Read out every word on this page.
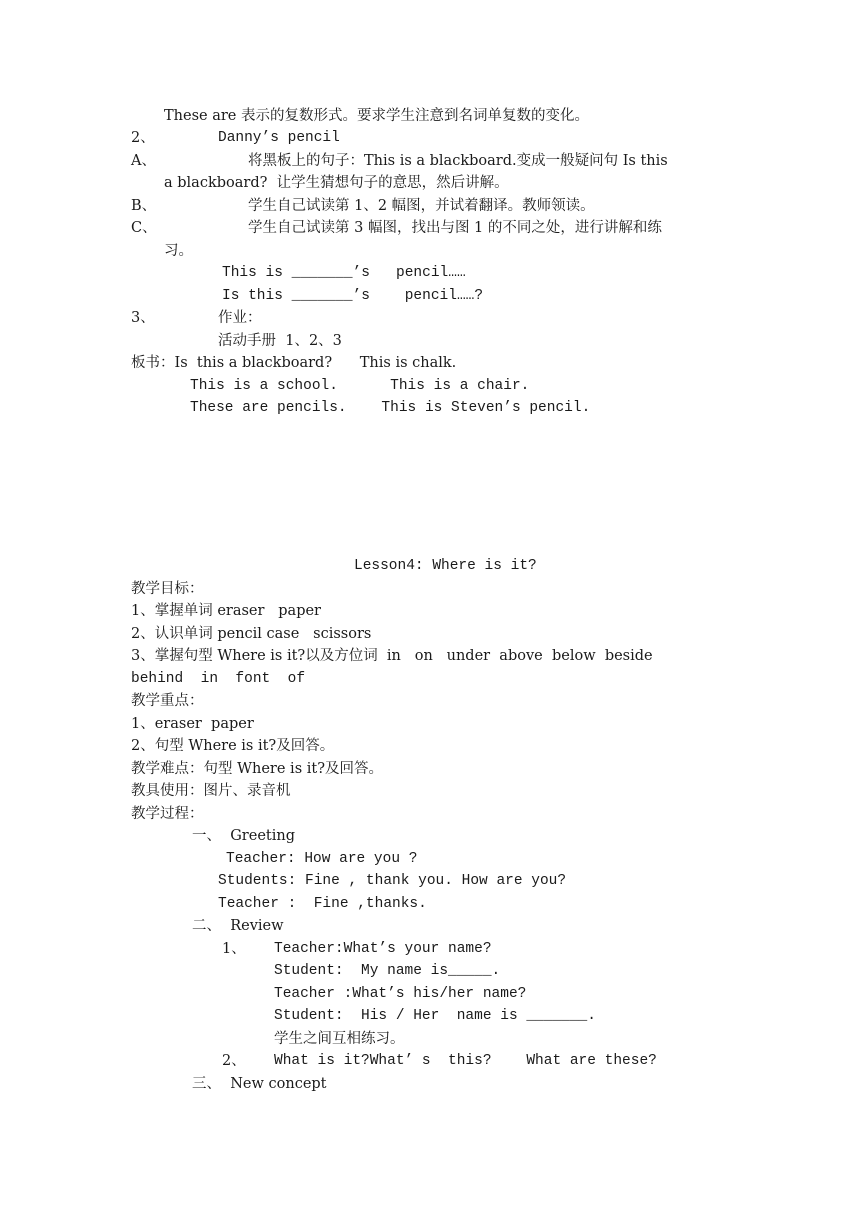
These are 表示的复数形式。要求学生注意到名词单复数的变化。
2、	Danny’s pencil
A、	将黑板上的句子：This is a blackboard.变成一般疑问句 Is this
a blackboard?  让学生猜想句子的意思，然后讲解。
B、	学生自己试读第 1、2 幅图，并试着翻译。教师领读。
C、	学生自己试读第 3 幅图，找出与图 1 的不同之处，进行讲解和练
习。
This is _______’s   pencil……
Is this _______’s    pencil……?
3、	作业：
活动手册  1、2、3
板书：Is  this a blackboard?      This is chalk.
This is a school.      This is a chair.
These are pencils.    This is Steven’s pencil.
Lesson4: Where is it?
教学目标：
1、掌握单词 eraser   paper
2、认识单词 pencil case   scissors
3、掌握句型 Where is it?以及方位词  in   on   under  above  below  beside
behind  in  font  of
教学重点：
1、eraser  paper
2、句型 Where is it?及回答。
教学难点：句型 Where is it?及回答。
教具使用：图片、录音机
教学过程：
一、  Greeting
Teacher: How are you ?
Students: Fine , thank you. How are you?
Teacher :  Fine ,thanks.
二、  Review
1、 Teacher:What’s your name?
Student:  My name is_____.
Teacher :What’s his/her name?
Student:  His / Her  name is _______.
学生之间互相练习。
2、 What is it?What’ s  this?    What are these?
三、  New concept
